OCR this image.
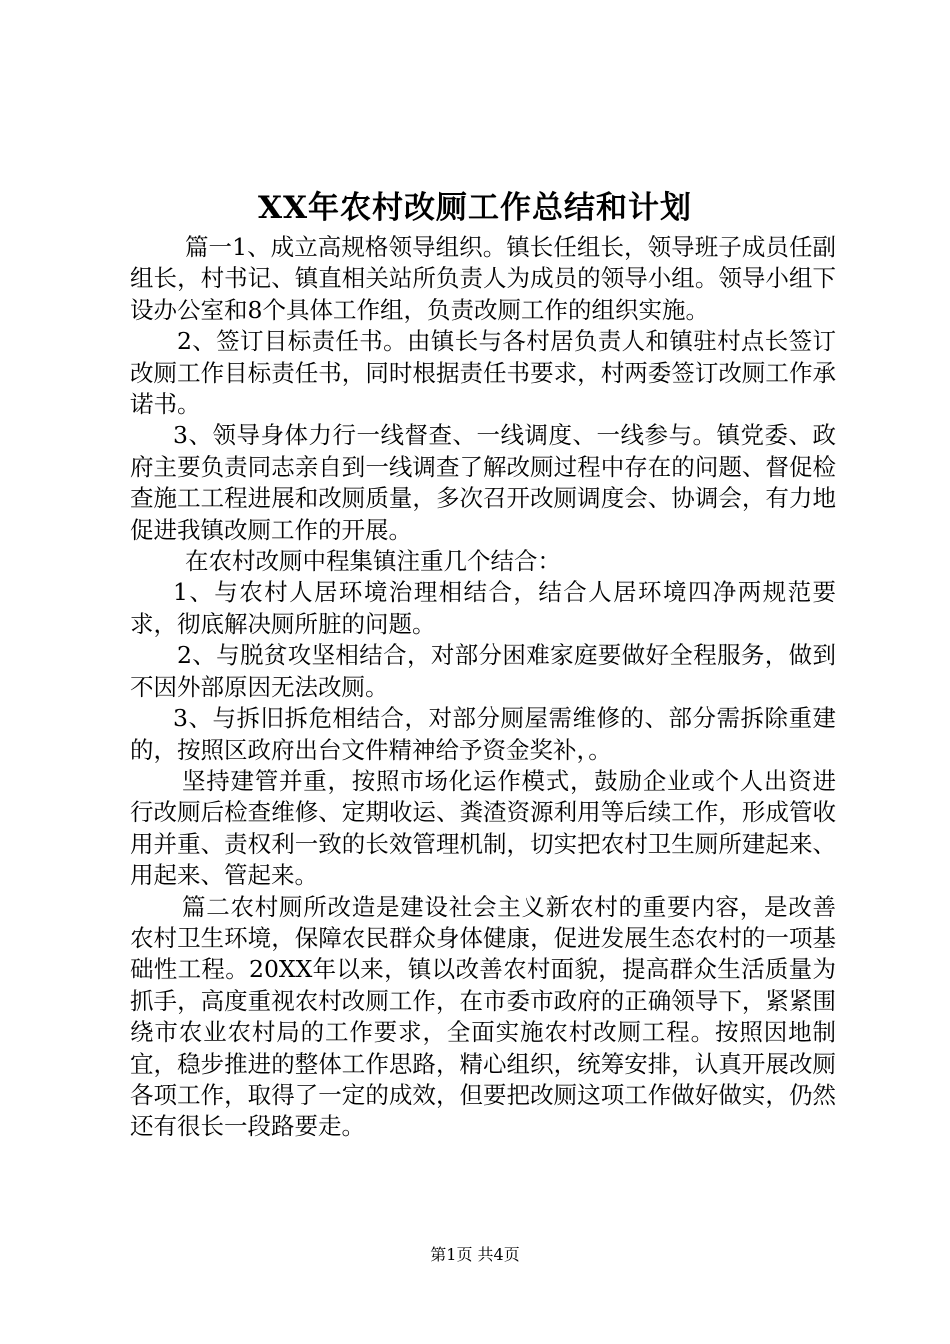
XX年农村改厕工作总结和计划

篇一1、成立高规格领导组织。镇长任组长，领导班子成员任副组长，村书记、镇直相关站所负责人为成员的领导小组。领导小组下设办公室和8个具体工作组，负责改厕工作的组织实施。

2、签订目标责任书。由镇长与各村居负责人和镇驻村点长签订改厕工作目标责任书，同时根据责任书要求，村两委签订改厕工作承诺书。

3、领导身体力行一线督查、一线调度、一线参与。镇党委、政府主要负责同志亲自到一线调查了解改厕过程中存在的问题、督促检查施工工程进展和改厕质量，多次召开改厕调度会、协调会，有力地促进我镇改厕工作的开展。

在农村改厕中程集镇注重几个结合：

1、与农村人居环境治理相结合，结合人居环境四净两规范要求，彻底解决厕所脏的问题。

2、与脱贫攻坚相结合，对部分困难家庭要做好全程服务，做到不因外部原因无法改厕。

3、与拆旧拆危相结合，对部分厕屋需维修的、部分需拆除重建的，按照区政府出台文件精神给予资金奖补，。

坚持建管并重，按照市场化运作模式，鼓励企业或个人出资进行改厕后检查维修、定期收运、粪渣资源利用等后续工作，形成管收用并重、责权利一致的长效管理机制，切实把农村卫生厕所建起来、用起来、管起来。

篇二农村厕所改造是建设社会主义新农村的重要内容，是改善农村卫生环境，保障农民群众身体健康，促进发展生态农村的一项基础性工程。20XX年以来，镇以改善农村面貌，提高群众生活质量为抓手，高度重视农村改厕工作，在市委市政府的正确领导下，紧紧围绕市农业农村局的工作要求，全面实施农村改厕工程。按照因地制宜，稳步推进的整体工作思路，精心组织，统筹安排，认真开展改厕各项工作，取得了一定的成效，但要把改厕这项工作做好做实，仍然还有很长一段路要走。

第1页 共4页
